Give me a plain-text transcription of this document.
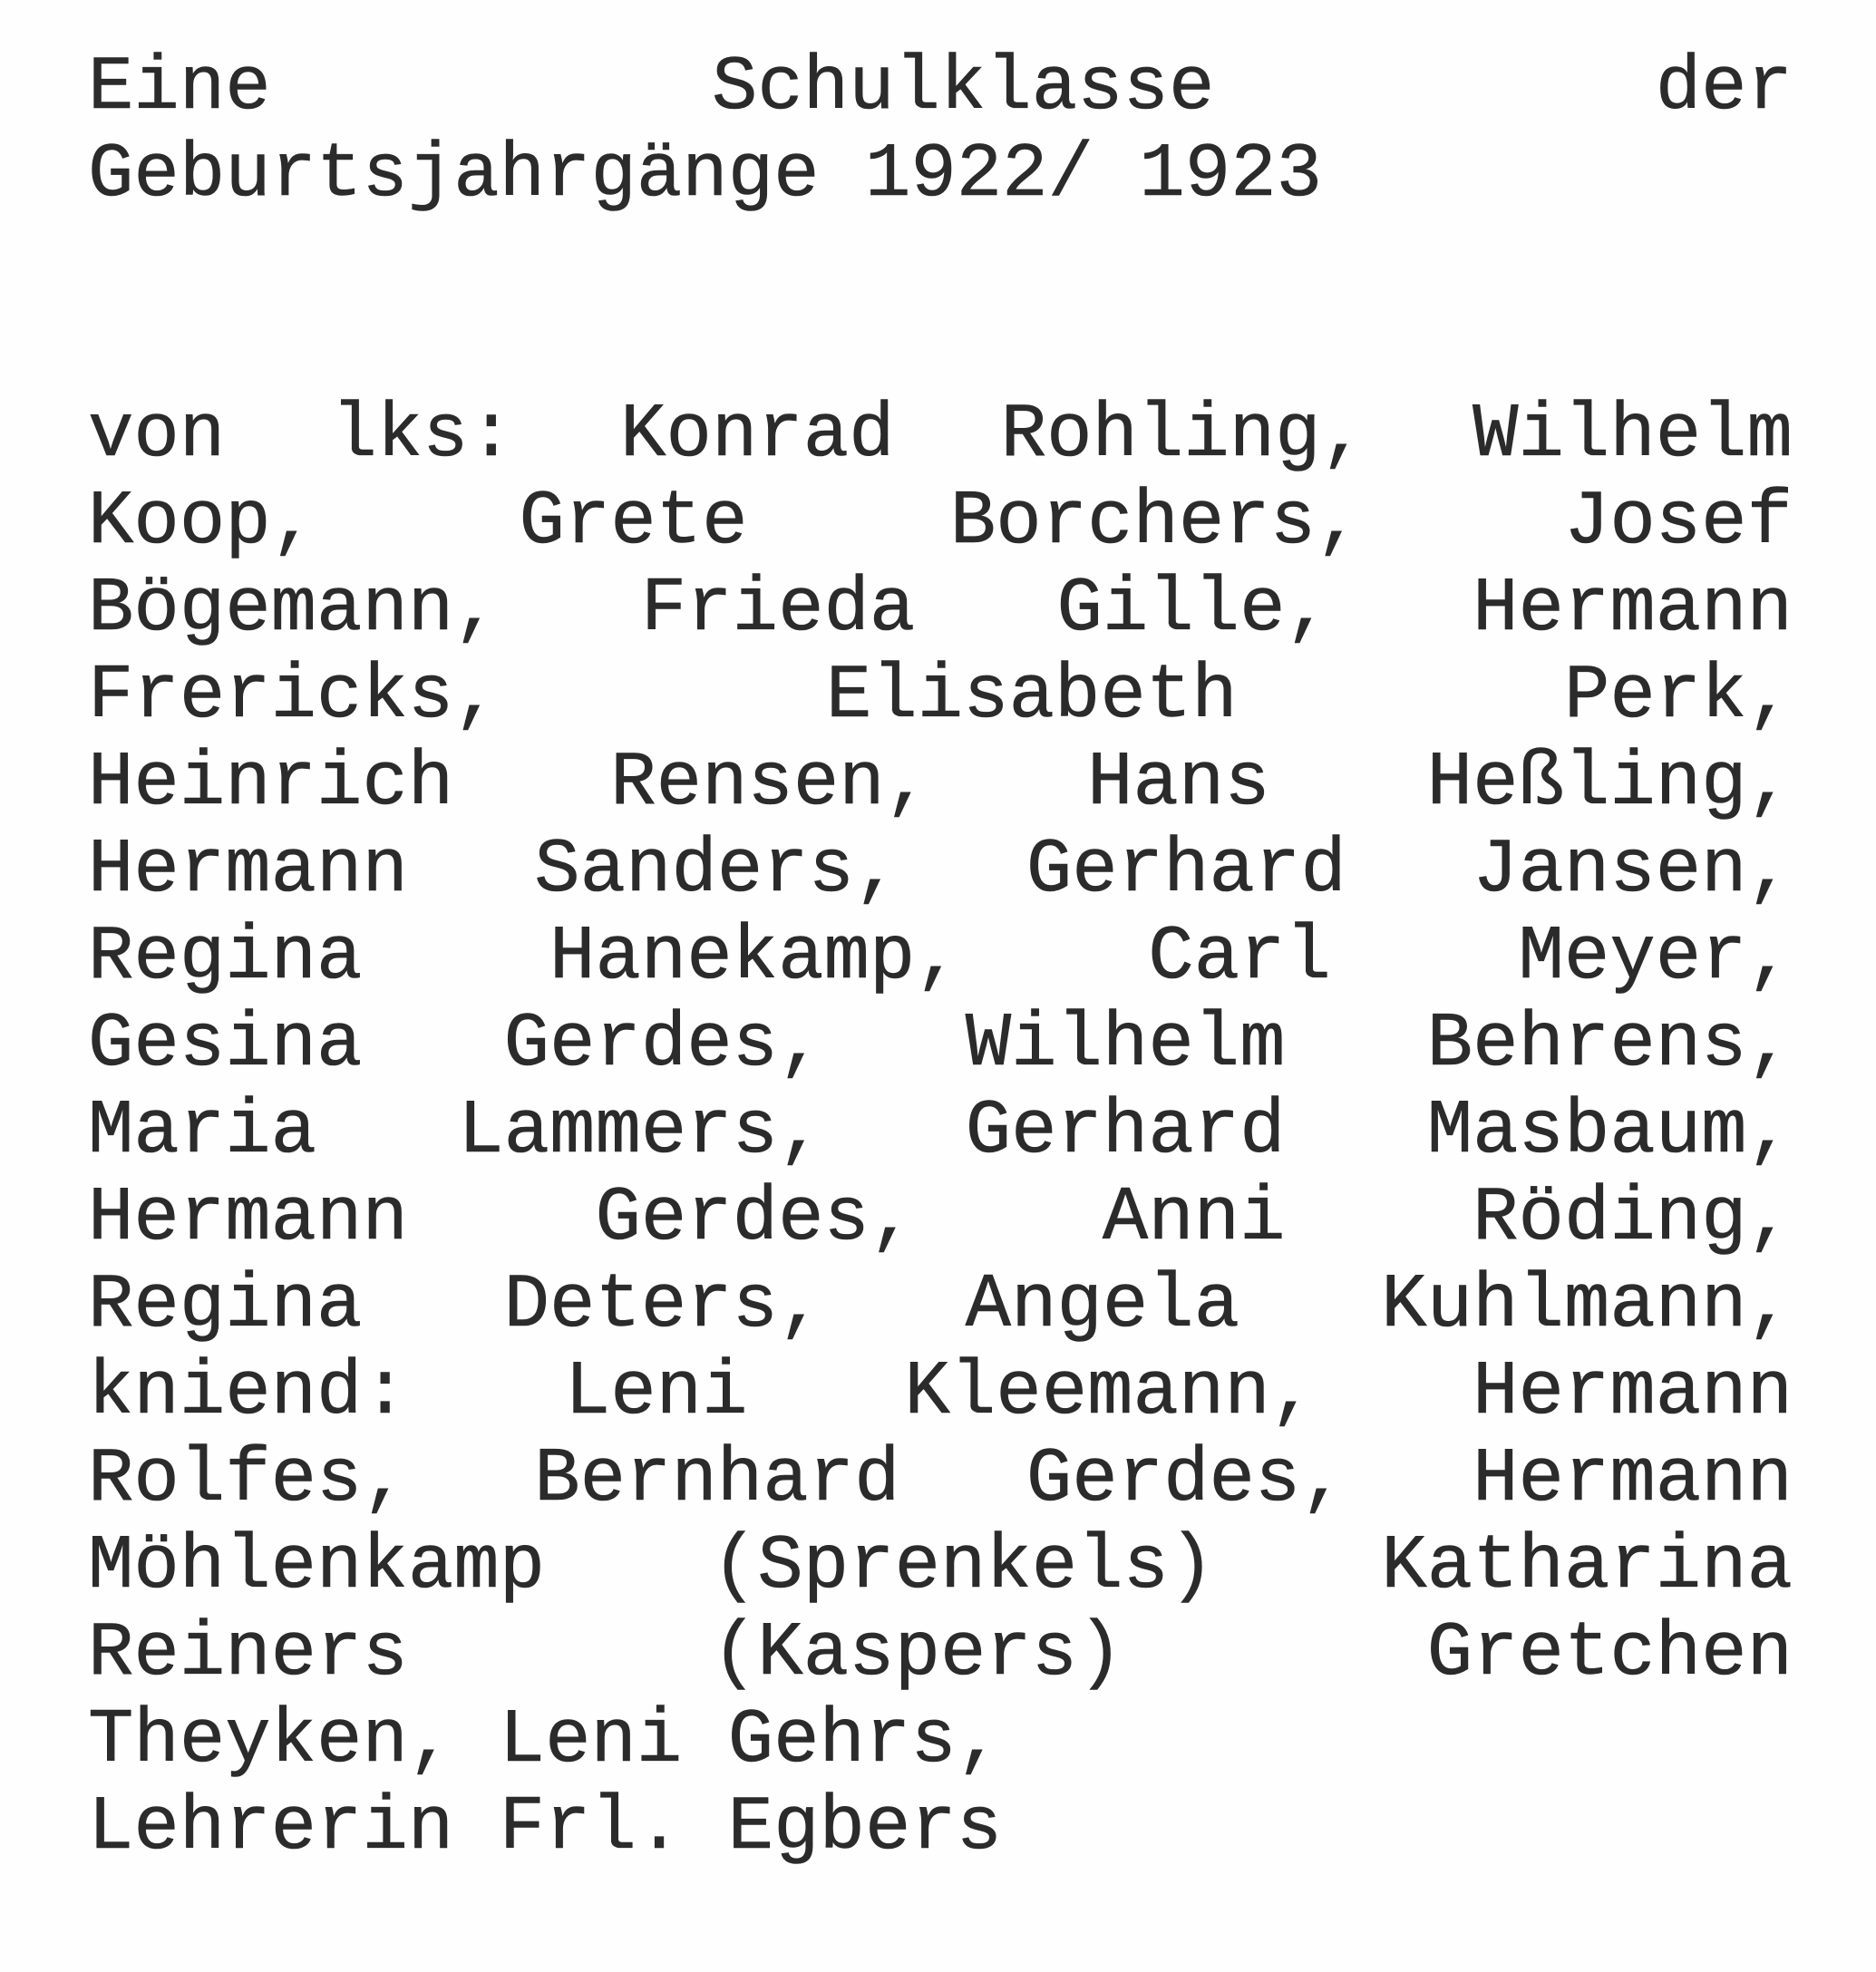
Eine	Schulklasse	der
Geburtsjahrgänge 1922/ 1923
von lks: Konrad Rohling, Wilhelm
Koop,	Grete	Borchers,	Josef
Bögemann, Frieda Gille, Hermann
Frericks,	Elisabeth	Perk,
Heinrich Rensen, Hans Heßling,
Hermann Sanders, Gerhard Jansen,
Regina Hanekamp, Carl Meyer,
Gesina Gerdes, Wilhelm Behrens,
Maria Lammers, Gerhard Masbaum,
Hermann Gerdes, Anni Röding,
Regina Deters, Angela Kuhlmann,
kniend: Leni Kleemann, Hermann
Rolfes, Bernhard Gerdes, Hermann
Möhlenkamp (Sprenkels) Katharina
Reiners	(Kaspers)	Gretchen
Theyken, Leni Gehrs,
Lehrerin Frl. Egbers
